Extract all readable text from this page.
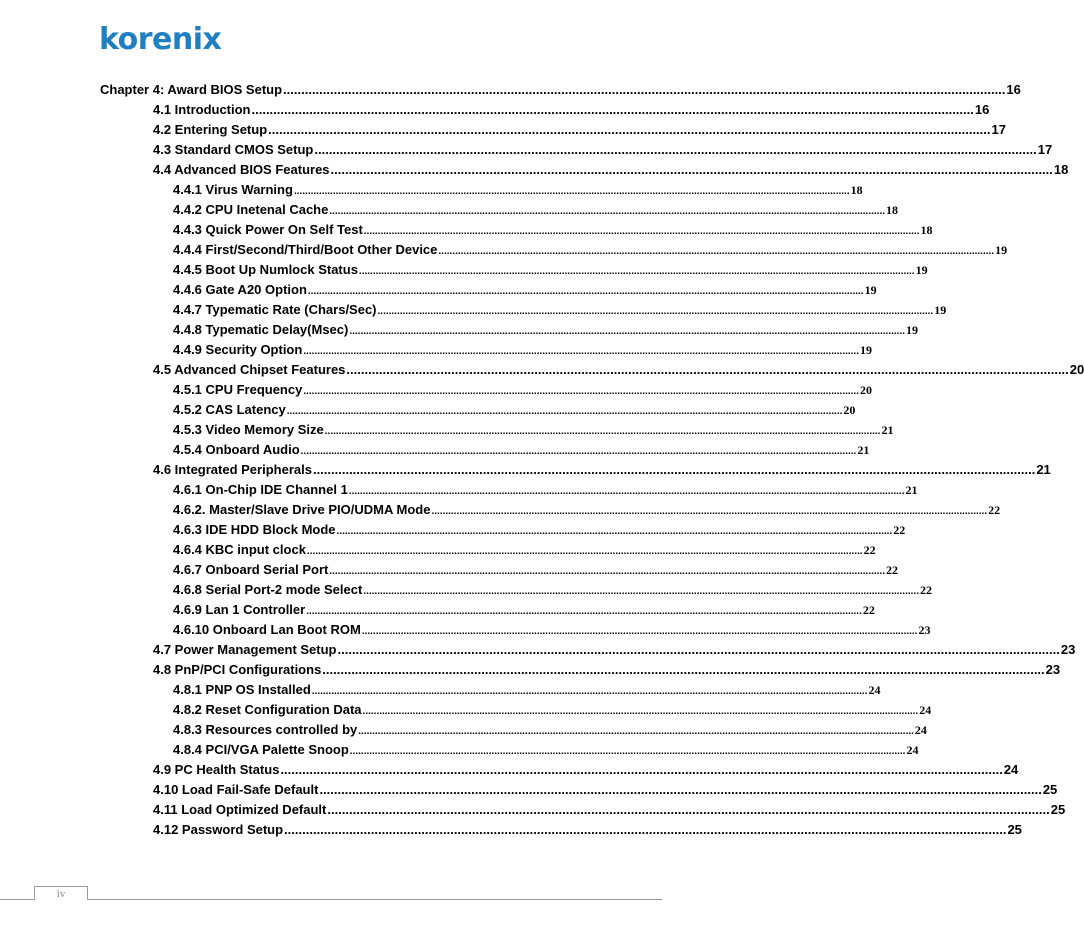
korenix
Chapter 4: Award BIOS Setup ........................................................................................................................................................................................................ 16
4.1 Introduction ........................................................................................................................................................................................................ 16
4.2 Entering Setup ........................................................................................................................................................................................................ 17
4.3 Standard CMOS Setup ........................................................................................................................................................................................................ 17
4.4 Advanced BIOS Features ........................................................................................................................................................................................................ 18
4.4.1 Virus Warning ........................................................................................................................................................................................................ 18
4.4.2 CPU Inetenal Cache ........................................................................................................................................................................................................ 18
4.4.3 Quick Power On Self Test ........................................................................................................................................................................................................ 18
4.4.4 First/Second/Third/Boot Other Device ........................................................................................................................................................................................................ 19
4.4.5 Boot Up Numlock Status ........................................................................................................................................................................................................ 19
4.4.6 Gate A20 Option ........................................................................................................................................................................................................ 19
4.4.7 Typematic Rate (Chars/Sec) ........................................................................................................................................................................................................ 19
4.4.8 Typematic Delay(Msec) ........................................................................................................................................................................................................ 19
4.4.9 Security Option ........................................................................................................................................................................................................ 19
4.5 Advanced Chipset Features ........................................................................................................................................................................................................ 20
4.5.1 CPU Frequency ........................................................................................................................................................................................................ 20
4.5.2 CAS Latency ........................................................................................................................................................................................................ 20
4.5.3 Video Memory Size ........................................................................................................................................................................................................ 21
4.5.4 Onboard Audio ........................................................................................................................................................................................................ 21
4.6 Integrated Peripherals ........................................................................................................................................................................................................ 21
4.6.1 On-Chip IDE Channel 1 ........................................................................................................................................................................................................ 21
4.6.2. Master/Slave Drive PIO/UDMA Mode ........................................................................................................................................................................................................ 22
4.6.3 IDE HDD Block Mode ........................................................................................................................................................................................................ 22
4.6.4 KBC input clock ........................................................................................................................................................................................................ 22
4.6.7 Onboard Serial Port ........................................................................................................................................................................................................ 22
4.6.8 Serial Port-2 mode Select ........................................................................................................................................................................................................ 22
4.6.9 Lan 1 Controller ........................................................................................................................................................................................................ 22
4.6.10 Onboard Lan Boot ROM ........................................................................................................................................................................................................ 23
4.7 Power Management Setup ........................................................................................................................................................................................................ 23
4.8 PnP/PCI Configurations ........................................................................................................................................................................................................ 23
4.8.1 PNP OS Installed ........................................................................................................................................................................................................ 24
4.8.2 Reset Configuration Data ........................................................................................................................................................................................................ 24
4.8.3 Resources controlled by ........................................................................................................................................................................................................ 24
4.8.4 PCI/VGA Palette Snoop ........................................................................................................................................................................................................ 24
4.9 PC Health Status ........................................................................................................................................................................................................ 24
4.10 Load Fail-Safe Default ........................................................................................................................................................................................................ 25
4.11 Load Optimized Default ........................................................................................................................................................................................................ 25
4.12 Password Setup ........................................................................................................................................................................................................ 25
iv
